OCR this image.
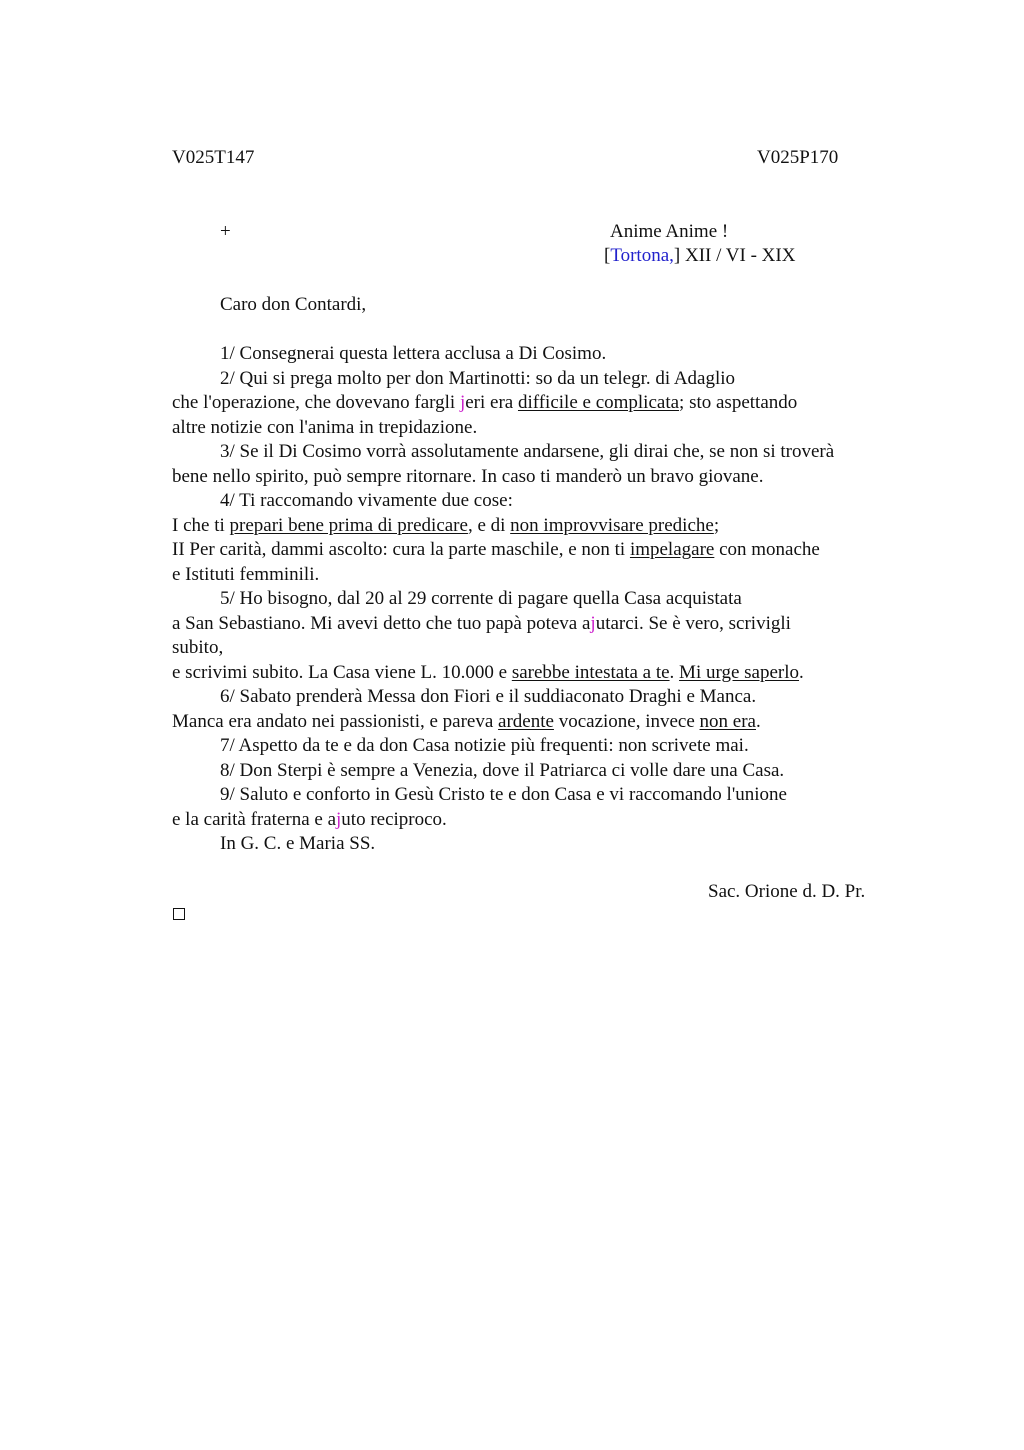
V025T147	V025P170
+	Anime Anime !
[Tortona,] XII / VI - XIX
Caro don Contardi,
1/ Consegnerai questa lettera acclusa a Di Cosimo.
2/ Qui si prega molto per don Martinotti: so da un telegr. di Adaglio
che l'operazione, che dovevano fargli jeri era difficile e complicata; sto aspettando
altre notizie con l'anima in trepidazione.
3/ Se il Di Cosimo vorrà assolutamente andarsene, gli dirai che, se non si troverà
bene nello spirito, può sempre ritornare. In caso ti manderò un bravo giovane.
4/ Ti raccomando vivamente due cose:
I che ti prepari bene prima di predicare, e di non improvvisare prediche;
II Per carità, dammi ascolto: cura la parte maschile, e non ti impelagare con monache
e Istituti femminili.
5/ Ho bisogno, dal 20 al 29 corrente di pagare quella Casa acquistata
a San Sebastiano. Mi avevi detto che tuo papà poteva ajutarci. Se è vero, scrivigli
subito,
e scrivimi subito. La Casa viene L. 10.000 e sarebbe intestata a te. Mi urge saperlo.
6/ Sabato prenderà Messa don Fiori e il suddiaconato Draghi e Manca.
Manca era andato nei passionisti, e pareva ardente vocazione, invece non era.
7/ Aspetto da te e da don Casa notizie più frequenti: non scrivete mai.
8/ Don Sterpi è sempre a Venezia, dove il Patriarca ci volle dare una Casa.
9/ Saluto e conforto in Gesù Cristo te e don Casa e vi raccomando l'unione
e la carità fraterna e ajuto reciproco.
In G. C. e Maria SS.
Sac. Orione d. D. Pr.
